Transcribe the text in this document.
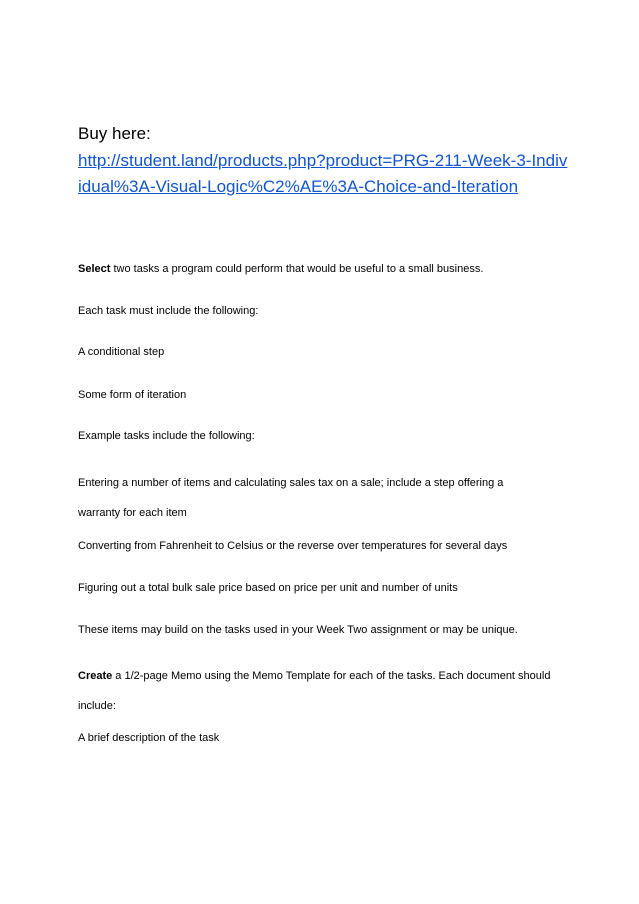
Buy here:

http://student.land/products.php?product=PRG-211-Week-3-Individual%3A-Visual-Logic%C2%AE%3A-Choice-and-Iteration

Select two tasks a program could perform that would be useful to a small business.

Each task must include the following:

A conditional step

Some form of iteration

Example tasks include the following:

Entering a number of items and calculating sales tax on a sale; include a step offering a warranty for each item

Converting from Fahrenheit to Celsius or the reverse over temperatures for several days

Figuring out a total bulk sale price based on price per unit and number of units

These items may build on the tasks used in your Week Two assignment or may be unique.

Create a 1/2-page Memo using the Memo Template for each of the tasks. Each document should include:

A brief description of the task
